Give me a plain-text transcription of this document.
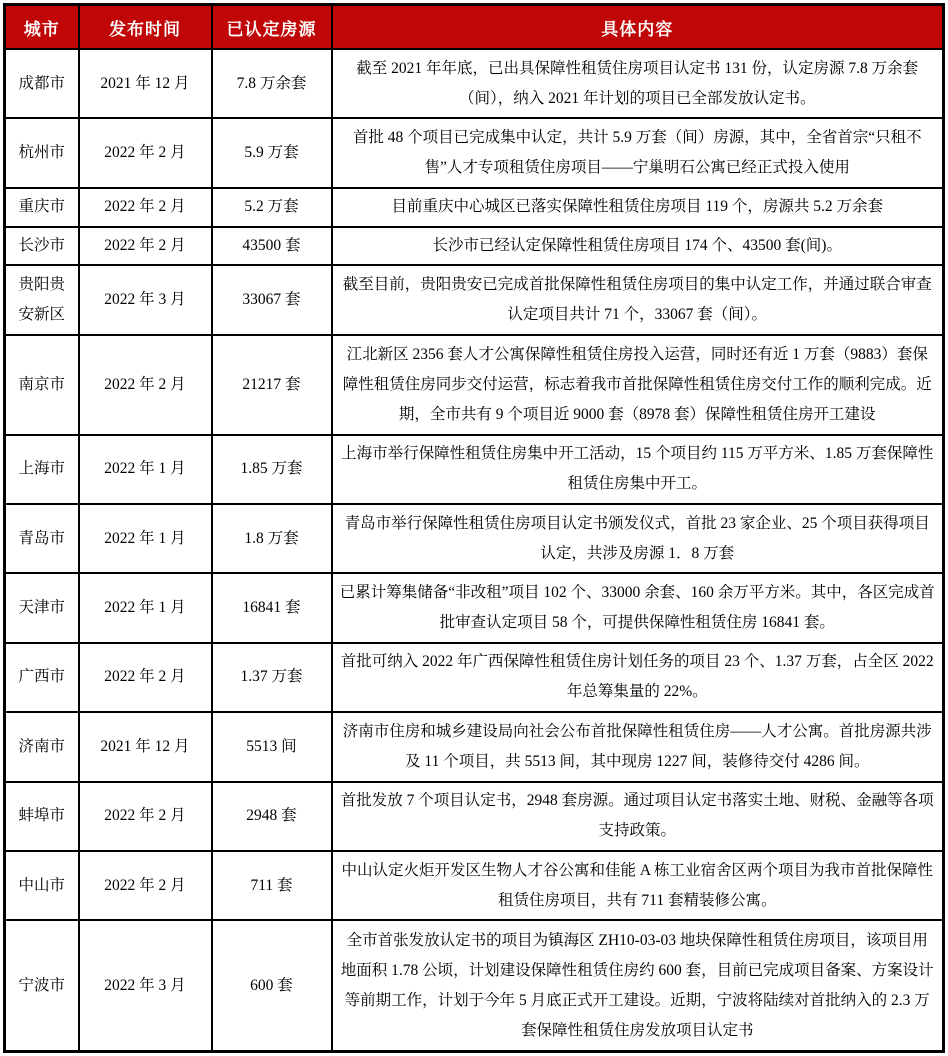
城市	发布时间	已认定房源	具体内容
成都市	2021 年 12 月	7.8 万余套	截至 2021 年年底，已出具保障性租赁住房项目认定书 131 份，认定房源 7.8 万余套（间），纳入 2021 年计划的项目已全部发放认定书。
杭州市	2022 年 2 月	5.9 万套	首批 48 个项目已完成集中认定，共计 5.9 万套（间）房源，其中，全省首宗“只租不售”人才专项租赁住房项目——宁巢明石公寓已经正式投入使用
重庆市	2022 年 2 月	5.2 万套	目前重庆中心城区已落实保障性租赁住房项目 119 个，房源共 5.2 万余套
长沙市	2022 年 2 月	43500 套	长沙市已经认定保障性租赁住房项目 174 个、43500 套(间)。
贵阳贵安新区	2022 年 3 月	33067 套	截至目前，贵阳贵安已完成首批保障性租赁住房项目的集中认定工作，并通过联合审查认定项目共计 71 个，33067 套（间）。
南京市	2022 年 2 月	21217 套	江北新区 2356 套人才公寓保障性租赁住房投入运营，同时还有近 1 万套（9883）套保障性租赁住房同步交付运营，标志着我市首批保障性租赁住房交付工作的顺利完成。近期，全市共有 9 个项目近 9000 套（8978 套）保障性租赁住房开工建设
上海市	2022 年 1 月	1.85 万套	上海市举行保障性租赁住房集中开工活动，15 个项目约 115 万平方米、1.85 万套保障性租赁住房集中开工。
青岛市	2022 年 1 月	1.8 万套	青岛市举行保障性租赁住房项目认定书颁发仪式，首批 23 家企业、25 个项目获得项目认定，共涉及房源 1．8 万套
天津市	2022 年 1 月	16841 套	已累计筹集储备“非改租”项目 102 个、33000 余套、160 余万平方米。其中，各区完成首批审查认定项目 58 个，可提供保障性租赁住房 16841 套。
广西市	2022 年 2 月	1.37 万套	首批可纳入 2022 年广西保障性租赁住房计划任务的项目 23 个、1.37 万套，占全区 2022 年总筹集量的 22%。
济南市	2021 年 12 月	5513 间	济南市住房和城乡建设局向社会公布首批保障性租赁住房——人才公寓。首批房源共涉及 11 个项目，共 5513 间，其中现房 1227 间，装修待交付 4286 间。
蚌埠市	2022 年 2 月	2948 套	首批发放 7 个项目认定书，2948 套房源。通过项目认定书落实土地、财税、金融等各项支持政策。
中山市	2022 年 2 月	711 套	中山认定火炬开发区生物人才谷公寓和佳能 A 栋工业宿舍区两个项目为我市首批保障性租赁住房项目，共有 711 套精装修公寓。
宁波市	2022 年 3 月	600 套	全市首张发放认定书的项目为镇海区 ZH10-03-03 地块保障性租赁住房项目，该项目用地面积 1.78 公顷，计划建设保障性租赁住房约 600 套，目前已完成项目备案、方案设计等前期工作，计划于今年 5 月底正式开工建设。近期，宁波将陆续对首批纳入的 2.3 万套保障性租赁住房发放项目认定书
